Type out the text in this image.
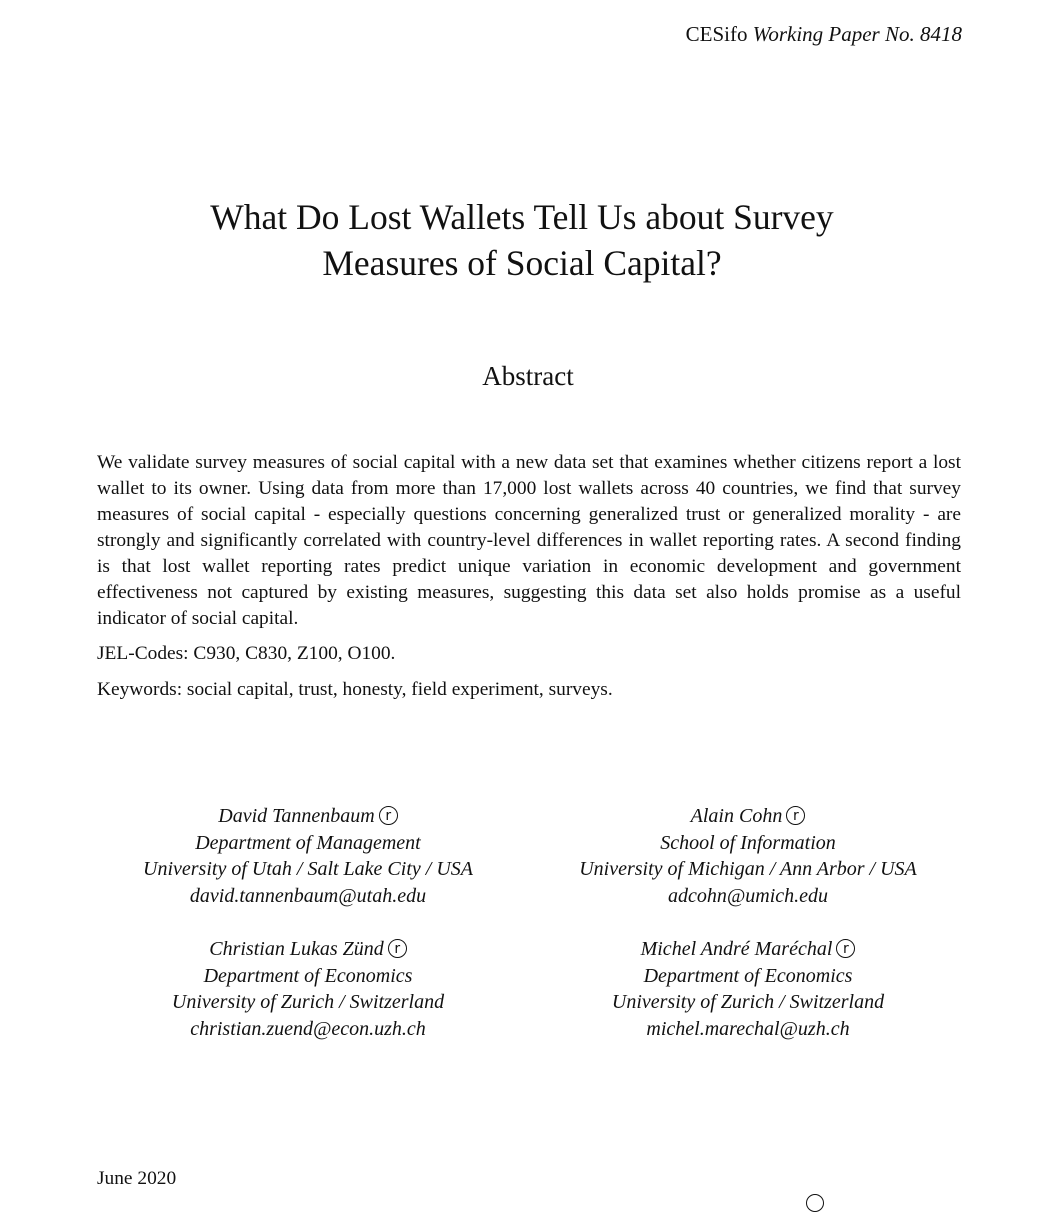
CESifo Working Paper No. 8418
What Do Lost Wallets Tell Us about Survey
Measures of Social Capital?
Abstract

We validate survey measures of social capital with a new data set that examines whether citizens report a lost wallet to its owner. Using data from more than 17,000 lost wallets across 40 countries, we find that survey measures of social capital - especially questions concerning generalized trust or generalized morality - are strongly and significantly correlated with country-level differences in wallet reporting rates. A second finding is that lost wallet reporting rates predict unique variation in economic development and government effectiveness not captured by existing measures, suggesting this data set also holds promise as a useful indicator of social capital.

JEL-Codes: C930, C830, Z100, O100.

Keywords: social capital, trust, honesty, field experiment, surveys.

David Tannenbaum r
Department of Management
University of Utah / Salt Lake City / USA
david.tannenbaum@utah.edu
Alain Cohn r
School of Information
University of Michigan / Ann Arbor / USA
adcohn@umich.edu
Christian Lukas Zünd r
Department of Economics
University of Zurich / Switzerland
christian.zuend@econ.uzh.ch
Michel André Maréchal r
Department of Economics
University of Zurich / Switzerland
michel.marechal@uzh.ch

June 2020
